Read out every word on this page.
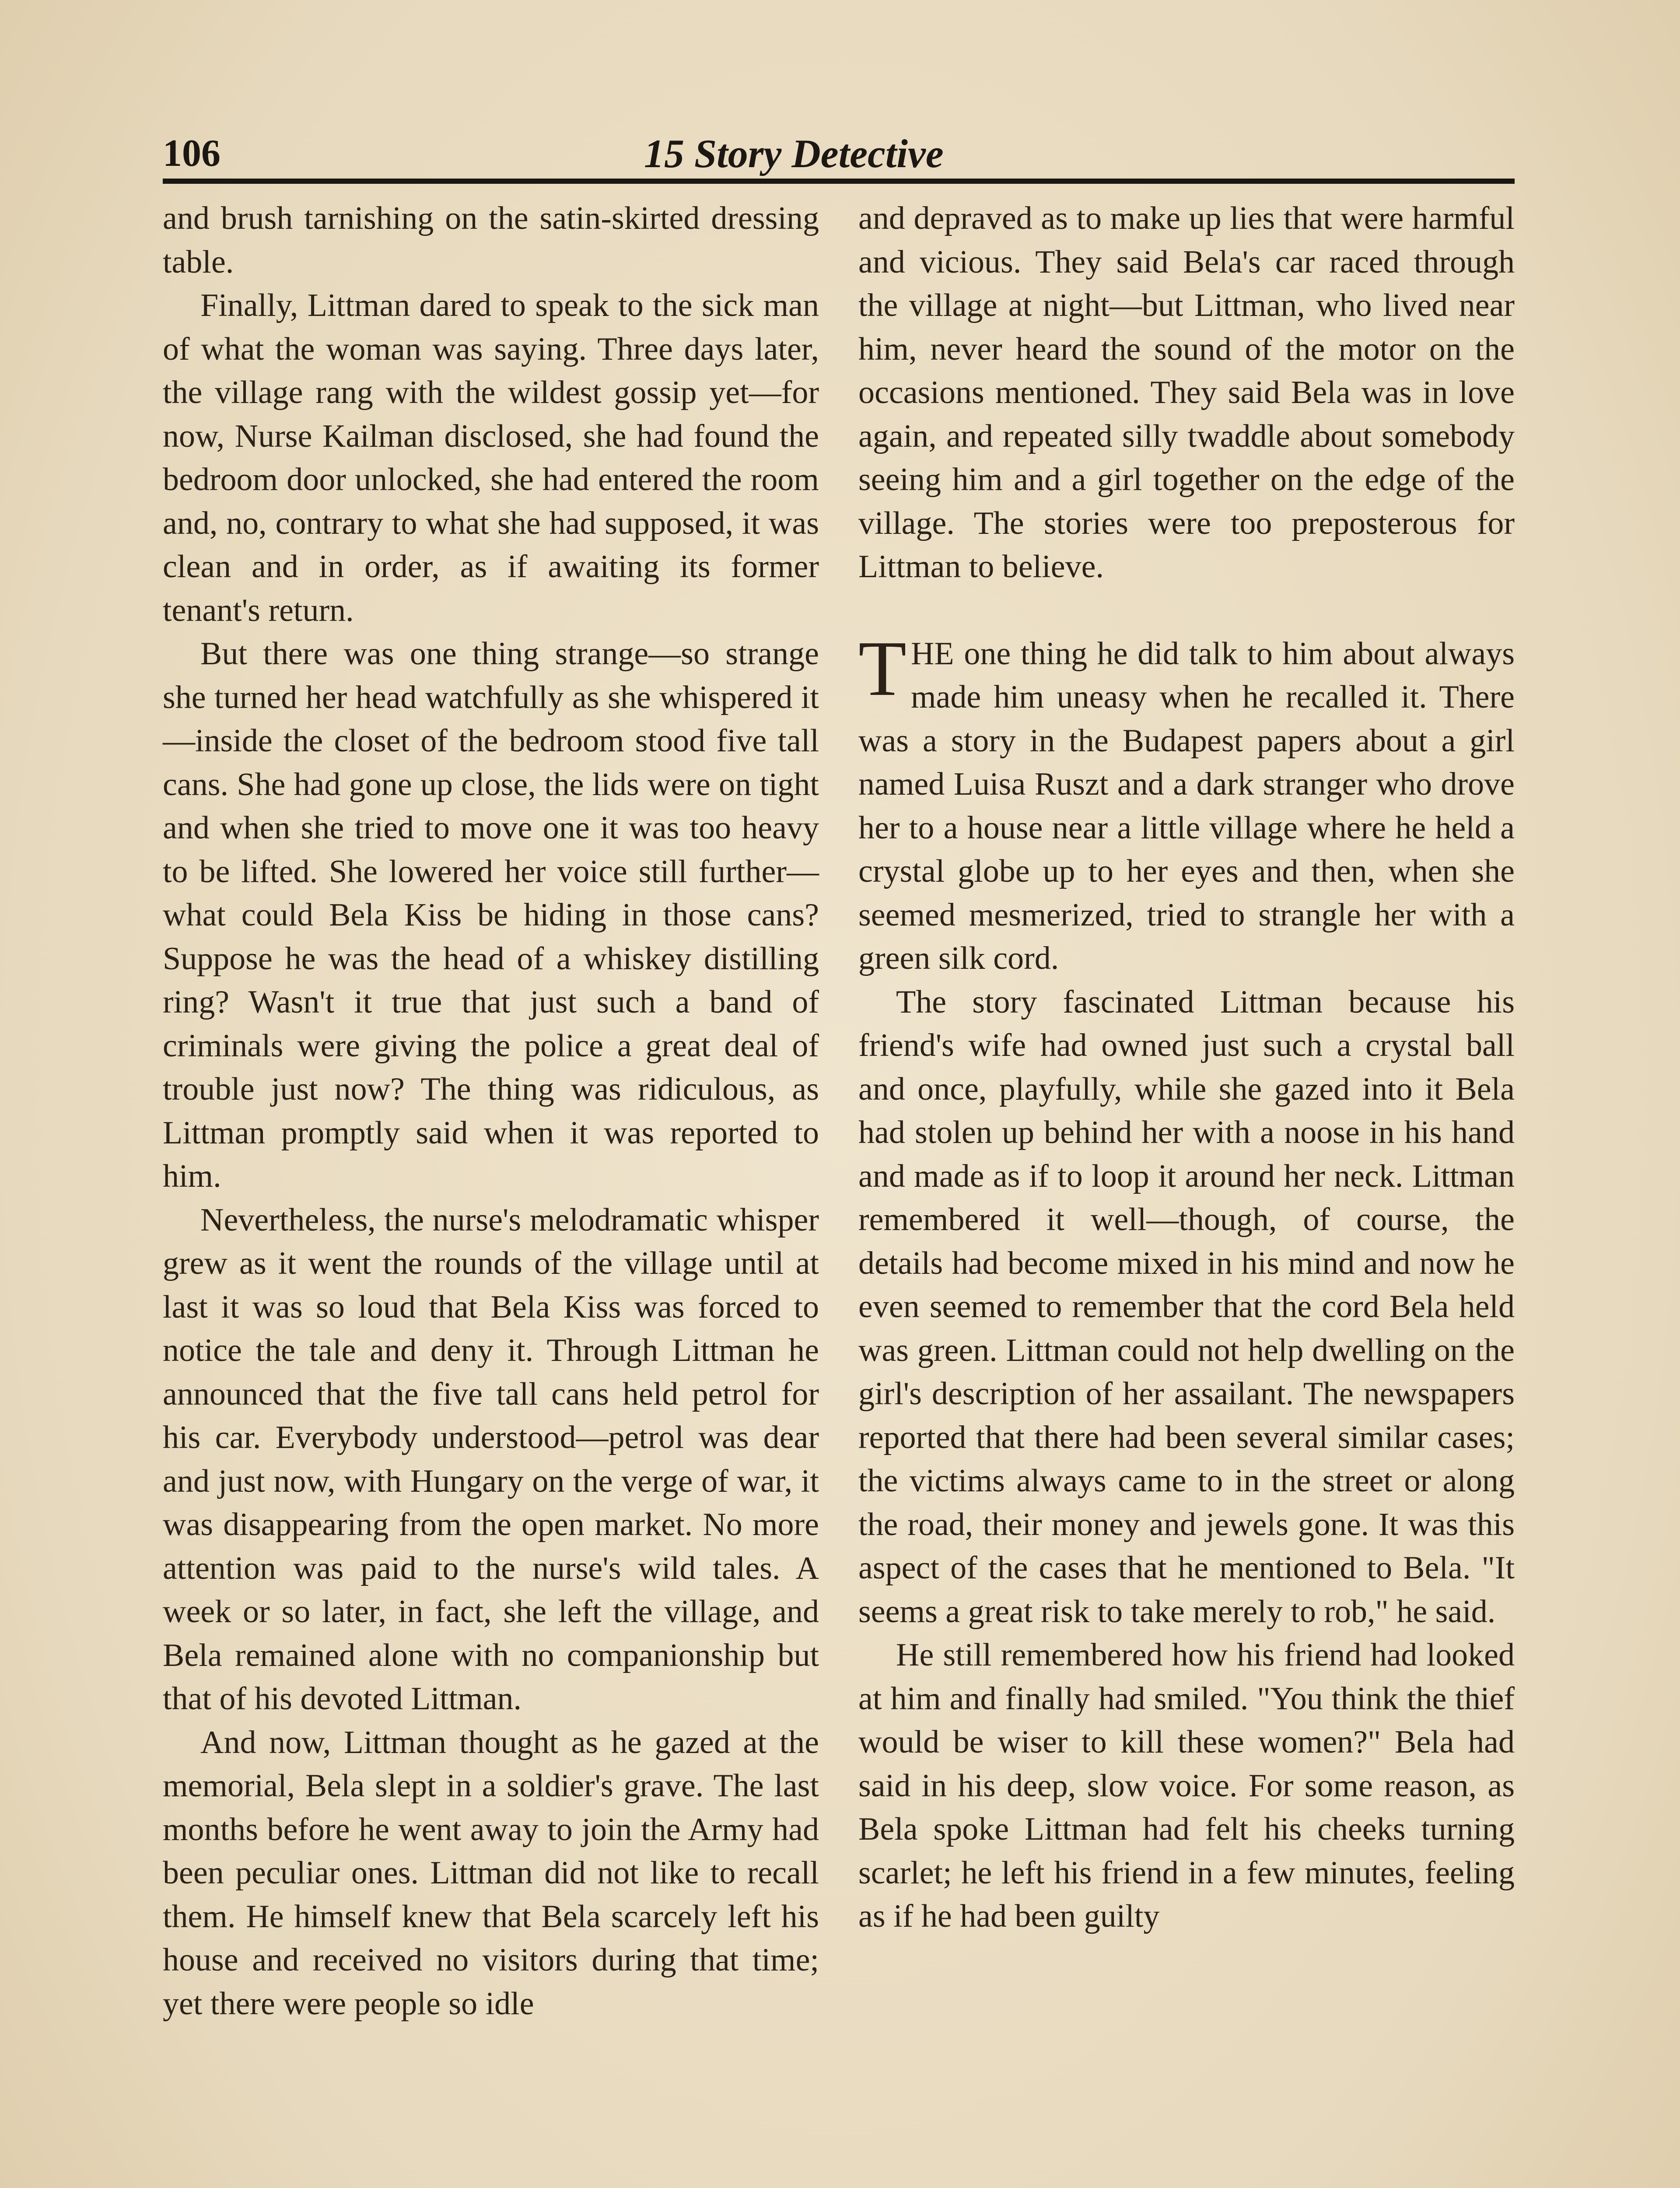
106	15 Story Detective

and brush tarnishing on the satin-skirted dressing table.

Finally, Littman dared to speak to the sick man of what the woman was saying. Three days later, the village rang with the wildest gossip yet—for now, Nurse Kailman disclosed, she had found the bedroom door unlocked, she had entered the room and, no, contrary to what she had supposed, it was clean and in order, as if awaiting its former tenant's return.

But there was one thing strange—so strange she turned her head watchfully as she whispered it—inside the closet of the bedroom stood five tall cans. She had gone up close, the lids were on tight and when she tried to move one it was too heavy to be lifted. She lowered her voice still further—what could Bela Kiss be hiding in those cans? Suppose he was the head of a whiskey distilling ring? Wasn't it true that just such a band of criminals were giving the police a great deal of trouble just now? The thing was ridiculous, as Littman promptly said when it was reported to him.

Nevertheless, the nurse's melodramatic whisper grew as it went the rounds of the village until at last it was so loud that Bela Kiss was forced to notice the tale and deny it. Through Littman he announced that the five tall cans held petrol for his car. Everybody understood—petrol was dear and just now, with Hungary on the verge of war, it was disappearing from the open market. No more attention was paid to the nurse's wild tales. A week or so later, in fact, she left the village, and Bela remained alone with no companionship but that of his devoted Littman.

And now, Littman thought as he gazed at the memorial, Bela slept in a soldier's grave. The last months before he went away to join the Army had been peculiar ones. Littman did not like to recall them. He himself knew that Bela scarcely left his house and received no visitors during that time; yet there were people so idle

and depraved as to make up lies that were harmful and vicious. They said Bela's car raced through the village at night—but Littman, who lived near him, never heard the sound of the motor on the occasions mentioned. They said Bela was in love again, and repeated silly twaddle about somebody seeing him and a girl together on the edge of the village. The stories were too preposterous for Littman to believe.

THE one thing he did talk to him about always made him uneasy when he recalled it. There was a story in the Budapest papers about a girl named Luisa Ruszt and a dark stranger who drove her to a house near a little village where he held a crystal globe up to her eyes and then, when she seemed mesmerized, tried to strangle her with a green silk cord.

The story fascinated Littman because his friend's wife had owned just such a crystal ball and once, playfully, while she gazed into it Bela had stolen up behind her with a noose in his hand and made as if to loop it around her neck. Littman remembered it well—though, of course, the details had become mixed in his mind and now he even seemed to remember that the cord Bela held was green. Littman could not help dwelling on the girl's description of her assailant. The newspapers reported that there had been several similar cases; the victims always came to in the street or along the road, their money and jewels gone. It was this aspect of the cases that he mentioned to Bela. "It seems a great risk to take merely to rob," he said.

He still remembered how his friend had looked at him and finally had smiled. "You think the thief would be wiser to kill these women?" Bela had said in his deep, slow voice. For some reason, as Bela spoke Littman had felt his cheeks turning scarlet; he left his friend in a few minutes, feeling as if he had been guilty
